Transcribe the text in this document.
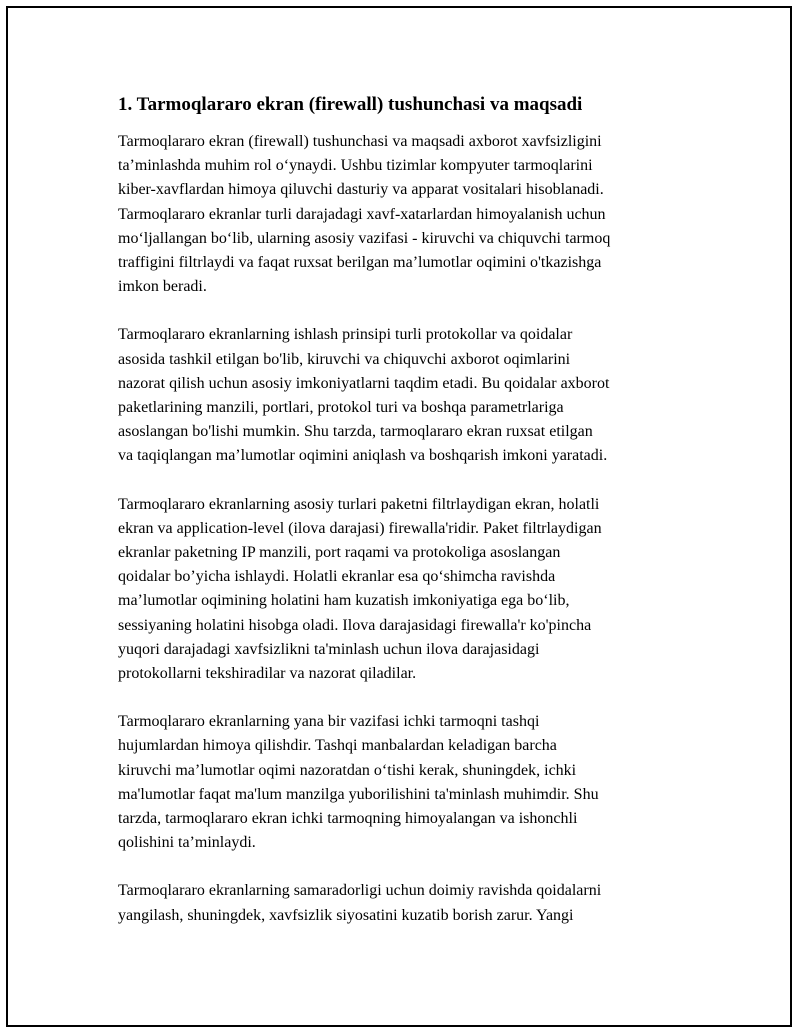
1. Tarmoqlararo ekran (firewall) tushunchasi va maqsadi

Tarmoqlararo ekran (firewall) tushunchasi va maqsadi axborot xavfsizligini
ta’minlashda muhim rol o‘ynaydi. Ushbu tizimlar kompyuter tarmoqlarini
kiber-xavflardan himoya qiluvchi dasturiy va apparat vositalari hisoblanadi.
Tarmoqlararo ekranlar turli darajadagi xavf-xatarlardan himoyalanish uchun
mo‘ljallangan bo‘lib, ularning asosiy vazifasi - kiruvchi va chiquvchi tarmoq
traffigini filtrlaydi va faqat ruxsat berilgan ma’lumotlar oqimini o'tkazishga
imkon beradi.

Tarmoqlararo ekranlarning ishlash prinsipi turli protokollar va qoidalar
asosida tashkil etilgan bo'lib, kiruvchi va chiquvchi axborot oqimlarini
nazorat qilish uchun asosiy imkoniyatlarni taqdim etadi. Bu qoidalar axborot
paketlarining manzili, portlari, protokol turi va boshqa parametrlariga
asoslangan bo'lishi mumkin. Shu tarzda, tarmoqlararo ekran ruxsat etilgan
va taqiqlangan ma’lumotlar oqimini aniqlash va boshqarish imkoni yaratadi.

Tarmoqlararo ekranlarning asosiy turlari paketni filtrlaydigan ekran, holatli
ekran va application-level (ilova darajasi) firewalla'ridir. Paket filtrlaydigan
ekranlar paketning IP manzili, port raqami va protokoliga asoslangan
qoidalar bo’yicha ishlaydi. Holatli ekranlar esa qo‘shimcha ravishda
ma’lumotlar oqimining holatini ham kuzatish imkoniyatiga ega bo‘lib,
sessiyaning holatini hisobga oladi. Ilova darajasidagi firewalla'r ko'pincha
yuqori darajadagi xavfsizlikni ta'minlash uchun ilova darajasidagi
protokollarni tekshiradilar va nazorat qiladilar.

Tarmoqlararo ekranlarning yana bir vazifasi ichki tarmoqni tashqi
hujumlardan himoya qilishdir. Tashqi manbalardan keladigan barcha
kiruvchi ma’lumotlar oqimi nazoratdan o‘tishi kerak, shuningdek, ichki
ma'lumotlar faqat ma'lum manzilga yuborilishini ta'minlash muhimdir. Shu
tarzda, tarmoqlararo ekran ichki tarmoqning himoyalangan va ishonchli
qolishini ta’minlaydi.

Tarmoqlararo ekranlarning samaradorligi uchun doimiy ravishda qoidalarni
yangilash, shuningdek, xavfsizlik siyosatini kuzatib borish zarur. Yangi
